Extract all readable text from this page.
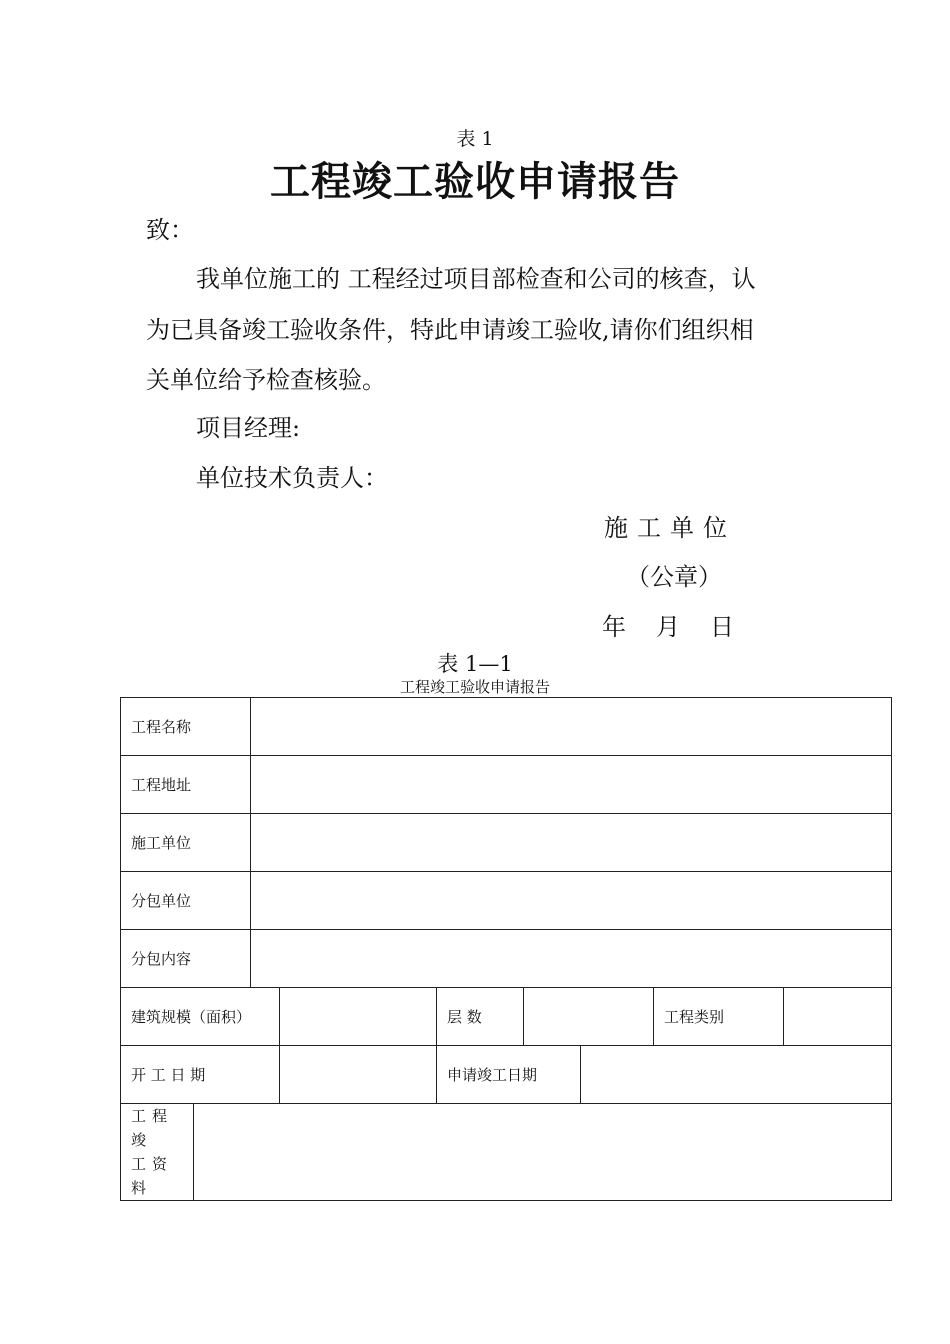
表 1
工程竣工验收申请报告
致：
我单位施工的 工程经过项目部检查和公司的核查，认
为已具备竣工验收条件，特此申请竣工验收,请你们组织相
关单位给予检查核验。
项目经理:
单位技术负责人：
施工单位
（公章）
年 月 日
表 1—1
工程竣工验收申请报告
工程名称								
工程地址								
施工单位								
分包单位								
分包内容								
建筑规模（面积）				层 数			工程类别	
开 工 日 期				申请竣工日期				

工程竣
工资料								
